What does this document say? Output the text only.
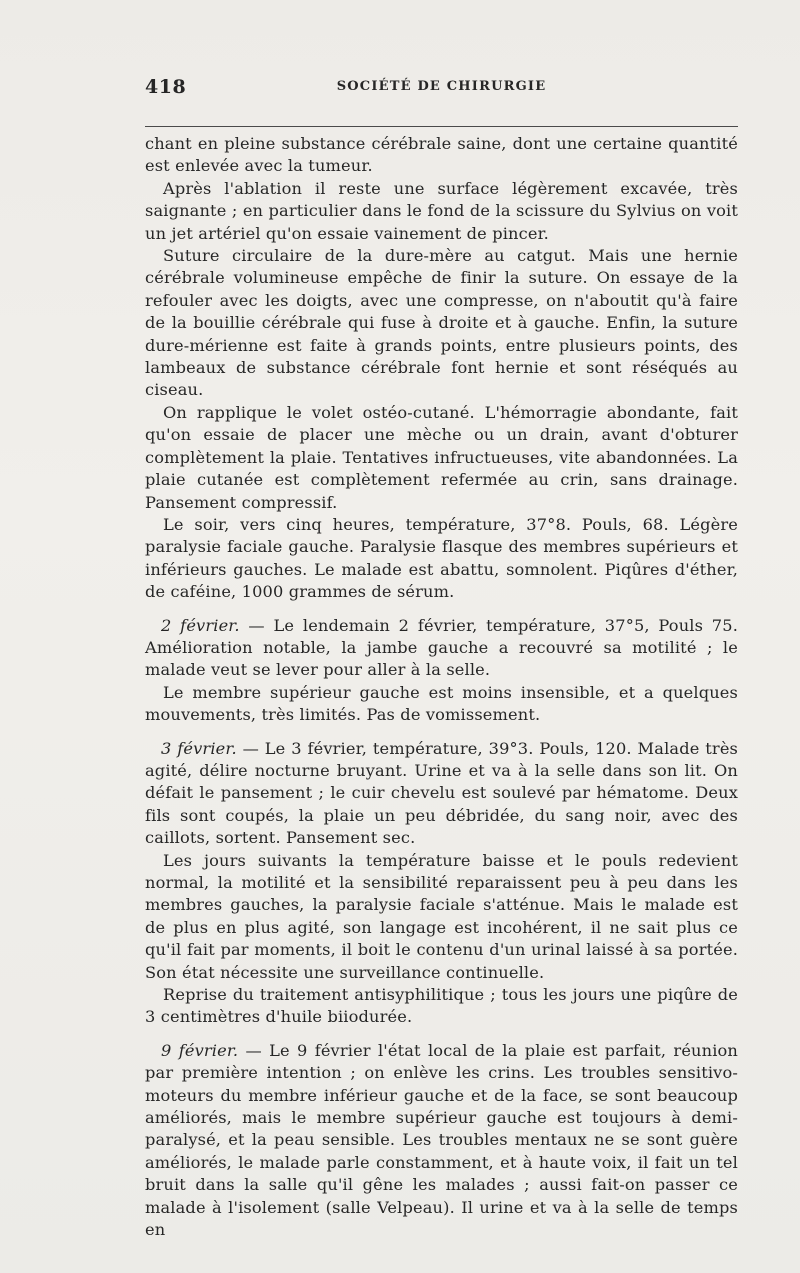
418	SOCIÉTÉ DE CHIRURGIE

chant en pleine substance cérébrale saine, dont une certaine quantité est enlevée avec la tumeur.

Après l'ablation il reste une surface légèrement excavée, très saignante ; en particulier dans le fond de la scissure du Sylvius on voit un jet artériel qu'on essaie vainement de pincer.

Suture circulaire de la dure-mère au catgut. Mais une hernie cérébrale volumineuse empêche de finir la suture. On essaye de la refouler avec les doigts, avec une compresse, on n'aboutit qu'à faire de la bouillie cérébrale qui fuse à droite et à gauche. Enfin, la suture dure-mérienne est faite à grands points, entre plusieurs points, des lambeaux de substance cérébrale font hernie et sont réséqués au ciseau.

On rapplique le volet ostéo-cutané. L'hémorragie abondante, fait qu'on essaie de placer une mèche ou un drain, avant d'obturer complètement la plaie. Tentatives infructueuses, vite abandonnées. La plaie cutanée est complètement refermée au crin, sans drainage. Pansement compressif.

Le soir, vers cinq heures, température, 37°8. Pouls, 68. Légère paralysie faciale gauche. Paralysie flasque des membres supérieurs et inférieurs gauches. Le malade est abattu, somnolent. Piqûres d'éther, de caféine, 1000 grammes de sérum.

2 février. — Le lendemain 2 février, température, 37°5, Pouls 75. Amélioration notable, la jambe gauche a recouvré sa motilité ; le malade veut se lever pour aller à la selle.

Le membre supérieur gauche est moins insensible, et a quelques mouvements, très limités. Pas de vomissement.

3 février. — Le 3 février, température, 39°3. Pouls, 120. Malade très agité, délire nocturne bruyant. Urine et va à la selle dans son lit. On défait le pansement ; le cuir chevelu est soulevé par hématome. Deux fils sont coupés, la plaie un peu débridée, du sang noir, avec des caillots, sortent. Pansement sec.

Les jours suivants la température baisse et le pouls redevient normal, la motilité et la sensibilité reparaissent peu à peu dans les membres gauches, la paralysie faciale s'atténue. Mais le malade est de plus en plus agité, son langage est incohérent, il ne sait plus ce qu'il fait par moments, il boit le contenu d'un urinal laissé à sa portée. Son état nécessite une surveillance continuelle.

Reprise du traitement antisyphilitique ; tous les jours une piqûre de 3 centimètres d'huile biiodurée.

9 février. — Le 9 février l'état local de la plaie est parfait, réunion par première intention ; on enlève les crins. Les troubles sensitivo-moteurs du membre inférieur gauche et de la face, se sont beaucoup améliorés, mais le membre supérieur gauche est toujours à demi-paralysé, et la peau sensible. Les troubles mentaux ne se sont guère améliorés, le malade parle constamment, et à haute voix, il fait un tel bruit dans la salle qu'il gêne les malades ; aussi fait-on passer ce malade à l'isolement (salle Velpeau). Il urine et va à la selle de temps en
